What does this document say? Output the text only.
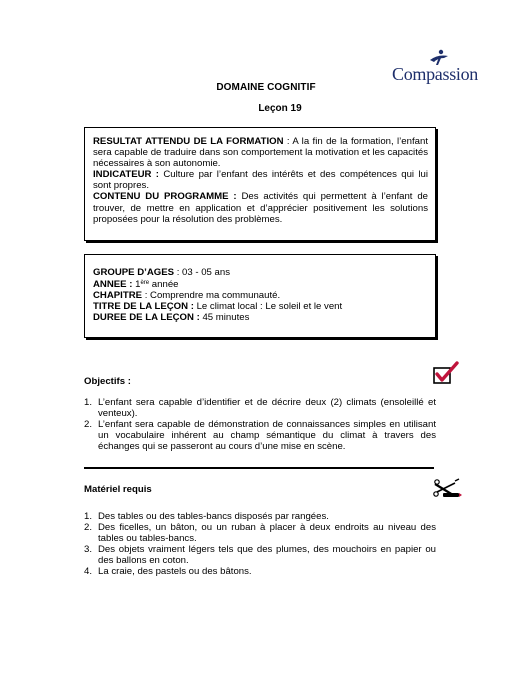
DOMAINE COGNITIF
Leçon 19
Compassion

RESULTAT ATTENDU DE LA FORMATION : A la fin de la formation, l’enfant sera capable de traduire dans son comportement la motivation et les capacités nécessaires à son autonomie.

INDICATEUR : Culture par l’enfant des intérêts et des compétences qui lui sont propres.

CONTENU DU PROGRAMME : Des activités qui permettent à l’enfant de trouver, de mettre en application et d’apprécier positivement les solutions proposées pour la résolution des problèmes.

GROUPE D’AGES : 03 - 05 ans

ANNEE : 1ère année

CHAPITRE : Comprendre ma communauté.

TITRE DE LA LEÇON : Le climat local : Le soleil et le vent

DUREE DE LA LEÇON : 45 minutes

Objectifs :
1. L’enfant sera capable d’identifier et de décrire deux (2) climats (ensoleillé et venteux).
2. L’enfant sera capable de démonstration de connaissances simples en utilisant un vocabulaire inhérent au champ sémantique du climat à travers des échanges qui se passeront au cours d’une mise en scène.
Matériel requis
1. Des tables ou des tables-bancs disposés par rangées.
2. Des ficelles, un bâton, ou un ruban à placer à deux endroits au niveau des tables ou tables-bancs.
3. Des objets vraiment légers tels que des plumes, des mouchoirs en papier ou des ballons en coton.
4. La craie, des pastels ou des bâtons.
